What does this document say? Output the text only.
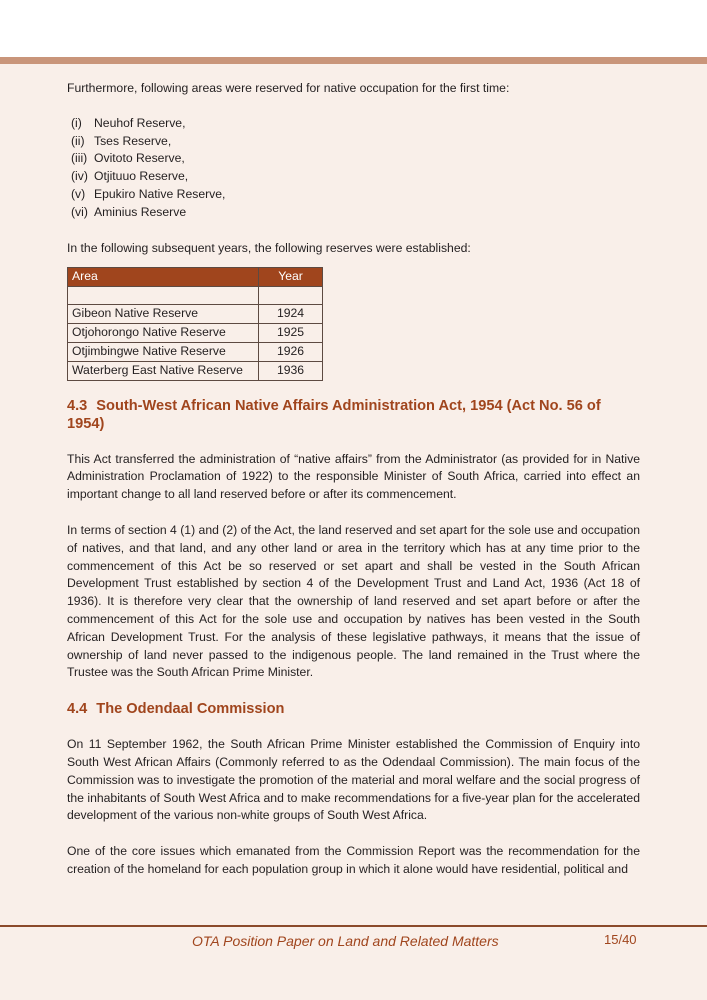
Furthermore, following areas were reserved for native occupation for the first time:

(i) Neuhof Reserve,
(ii) Tses Reserve,
(iii) Ovitoto Reserve,
(iv) Otjituuo Reserve,
(v) Epukiro Native Reserve,
(vi) Aminius Reserve

In the following subsequent years, the following reserves were established:

Area	Year

Gibeon Native Reserve	1924
Otjohorongo Native Reserve	1925
Otjimbingwe Native Reserve	1926
Waterberg East Native Reserve	1936
4.3 South-West African Native Affairs Administration Act, 1954 (Act No. 56 of 1954)

This Act transferred the administration of “native affairs” from the Administrator (as provided for in Native Administration Proclamation of 1922) to the responsible Minister of South Africa, carried into effect an important change to all land reserved before or after its commencement.

In terms of section 4 (1) and (2) of the Act, the land reserved and set apart for the sole use and occupation of natives, and that land, and any other land or area in the territory which has at any time prior to the commencement of this Act be so reserved or set apart and shall be vested in the South African Development Trust established by section 4 of the Development Trust and Land Act, 1936 (Act 18 of 1936). It is therefore very clear that the ownership of land reserved and set apart before or after the commencement of this Act for the sole use and occupation by natives has been vested in the South African Development Trust. For the analysis of these legislative pathways, it means that the issue of ownership of land never passed to the indigenous people. The land remained in the Trust where the Trustee was the South African Prime Minister.

4.4 The Odendaal Commission

On 11 September 1962, the South African Prime Minister established the Commission of Enquiry into South West African Affairs (Commonly referred to as the Odendaal Commission). The main focus of the Commission was to investigate the promotion of the material and moral welfare and the social progress of the inhabitants of South West Africa and to make recommendations for a five-year plan for the accelerated development of the various non-white groups of South West Africa.

One of the core issues which emanated from the Commission Report was the recommendation for the creation of the homeland for each population group in which it alone would have residential, political and

OTA Position Paper on Land and Related Matters	15/40
